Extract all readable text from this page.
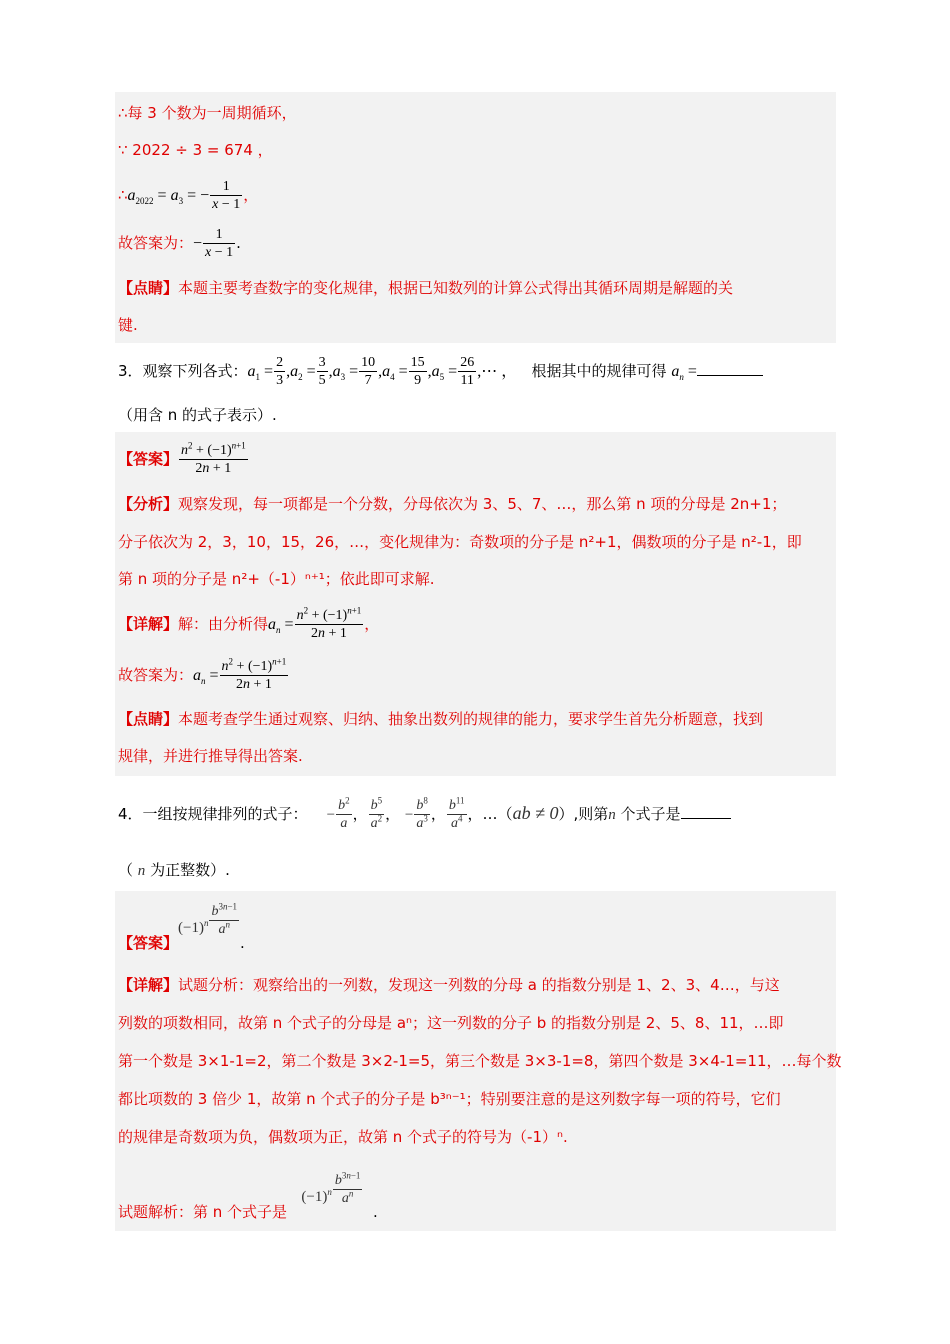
∴每 3 个数为一周期循环，
∵ 2022 ÷ 3 = 674 ，
$\therefore a_{2022} = a_3$ = − $\frac{1}{x - 1}$ ，
故答案为：− $\frac{1}{x - 1}$ .
【点睛】本题主要考查数字的变化规律，根据已知数列的计算公式得出其循环周期是解题的关
键.
3．观察下列各式：$a_1 = \frac{2}{3} ,a_2 = \frac{3}{5} ,a_3 = \frac{10}{7} ,a_4 = \frac{15}{9} ,a_5 = \frac{26}{11}$ ,⋯ ， 根据其中的规律可得 $a_n$ =
（用含 n 的式子表示）.
【答案】 $\frac{n^2 + (-1)^{n+1}}{2n + 1}$
【分析】观察发现，每一项都是一个分数，分母依次为 3、5、7、…，那么第 n 项的分母是 2n+1；
分子依次为 2，3，10，15，26，…，变化规律为：奇数项的分子是 n²+1，偶数项的分子是 n²-1，即
第 n 项的分子是 n²+（-1）ⁿ⁺¹；依此即可求解.
【详解】解：由分析得$a_n = \frac{n^2 + (-1)^{n+1}}{2n + 1}$ ，
故答案为：$a_n = \frac{n^2 + (-1)^{n+1}}{2n + 1}$
【点睛】本题考查学生通过观察、归纳、抽象出数列的规律的能力，要求学生首先分析题意，找到
规律，并进行推导得出答案.
4．一组按规律排列的式子： − $\frac{b^2}{a}$ ， $\frac{b^5}{a^2}$ ， − $\frac{b^8}{a^3}$ ， $\frac{b^{11}}{a^4}$ ，…（ab ≠ 0）,则第n 个式子是
（ n 为正整数）.
【答案】$(-1)^n \frac{b^{3n-1}}{a^n}$
.
【详解】试题分析：观察给出的一列数，发现这一列数的分母 a 的指数分别是 1、2、3、4…，与这
列数的项数相同，故第 n 个式子的分母是 aⁿ；这一列数的分子 b 的指数分别是 2、5、8、11，…即
第一个数是 3×1-1=2，第二个数是 3×2-1=5，第三个数是 3×3-1=8，第四个数是 3×4-1=11，…每个数
都比项数的 3 倍少 1，故第 n 个式子的分子是 b³ⁿ⁻¹；特别要注意的是这列数字每一项的符号，它们
的规律是奇数项为负，偶数项为正，故第 n 个式子的符号为（-1）ⁿ.
试题解析：第 n 个式子是   $(-1)^n \frac{b^{3n-1}}{a^n}$
.
